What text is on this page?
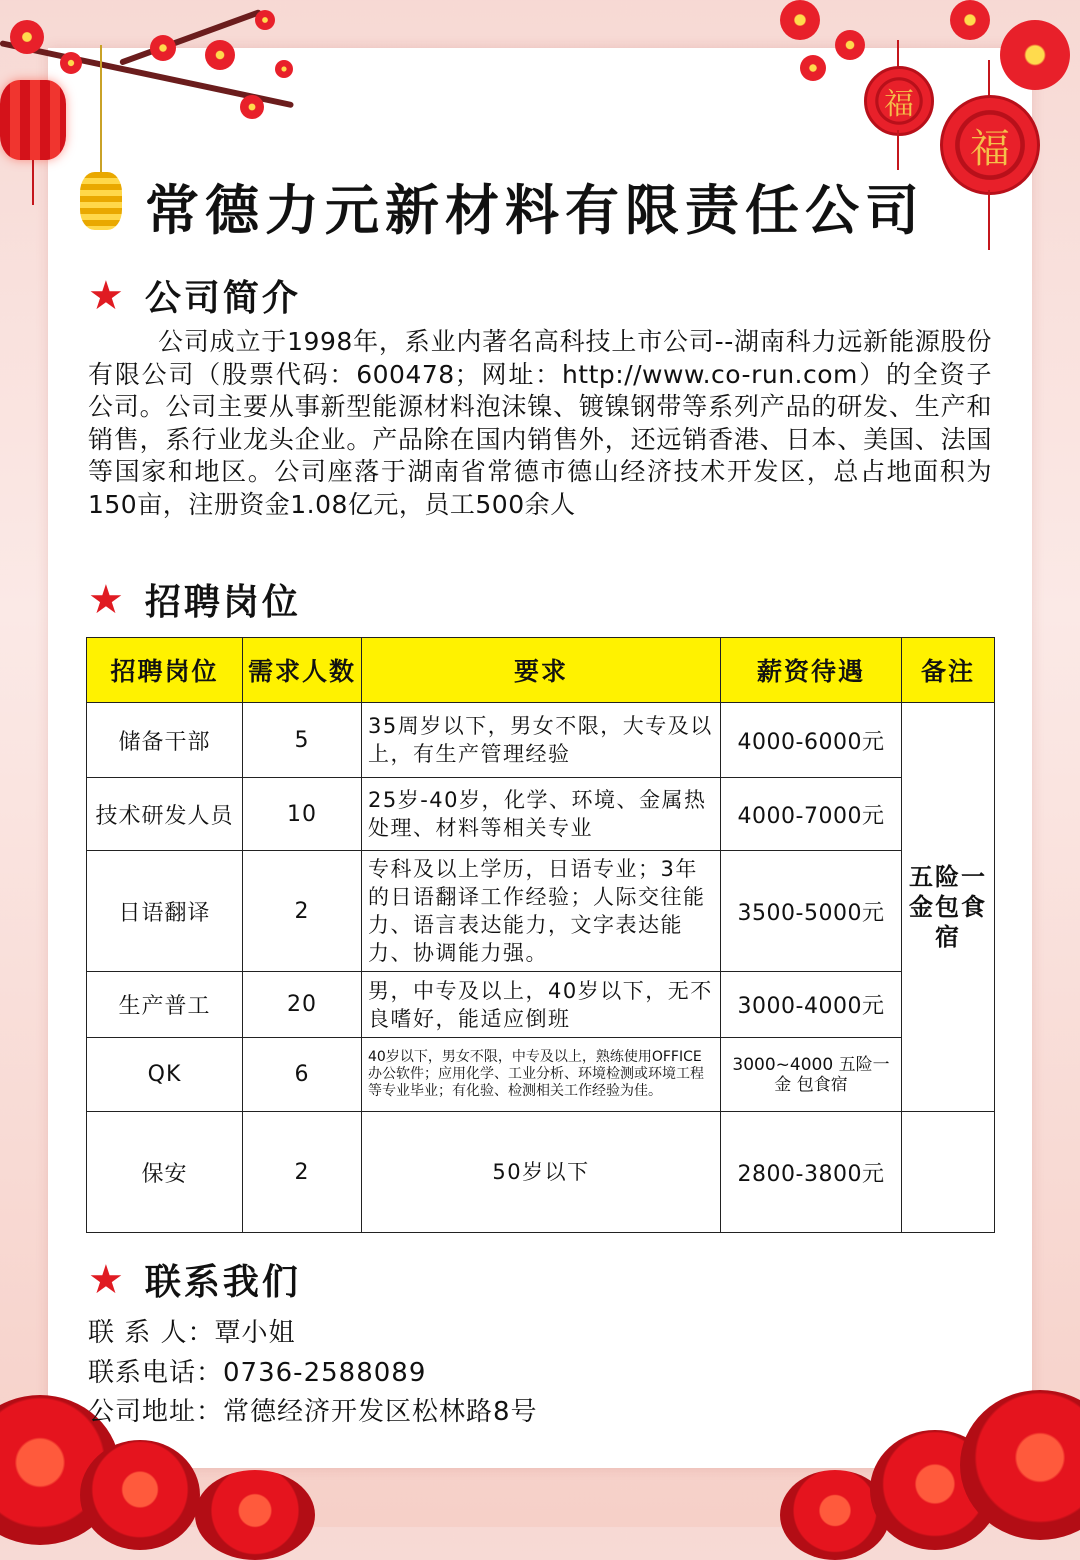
福
福
常德力元新材料有限责任公司
★ 公司简介

公司成立于1998年，系业内著名高科技上市公司--湖南科力远新能源股份有限公司（股票代码：600478；网址：http://www.co-run.com）的全资子公司。公司主要从事新型能源材料泡沫镍、镀镍钢带等系列产品的研发、生产和销售，系行业龙头企业。产品除在国内销售外，还远销香港、日本、美国、法国等国家和地区。公司座落于湖南省常德市德山经济技术开发区，总占地面积为150亩，注册资金1.08亿元，员工500余人

★ 招聘岗位
招聘岗位	需求人数	要求	薪资待遇	备注
储备干部	5	35周岁以下，男女不限，大专及以上，有生产管理经验	4000-6000元	五险一金包食宿
技术研发人员	10	25岁-40岁，化学、环境、金属热处理、材料等相关专业	4000-7000元	
日语翻译	2	专科及以上学历，日语专业；3年的日语翻译工作经验；人际交往能力、语言表达能力，文字表达能力、协调能力强。	3500-5000元	
生产普工	20	男，中专及以上，40岁以下，无不良嗜好，能适应倒班	3000-4000元	
QK	6	40岁以下，男女不限，中专及以上，熟练使用OFFICE办公软件；应用化学、工业分析、环境检测或环境工程等专业毕业；有化验、检测相关工作经验为佳。	3000~4000 五险一金 包食宿	
保安	2	50岁以下	2800-3800元	
★ 联系我们
联 系 人：覃小姐
联系电话：0736-2588089
公司地址：常德经济开发区松林路8号
